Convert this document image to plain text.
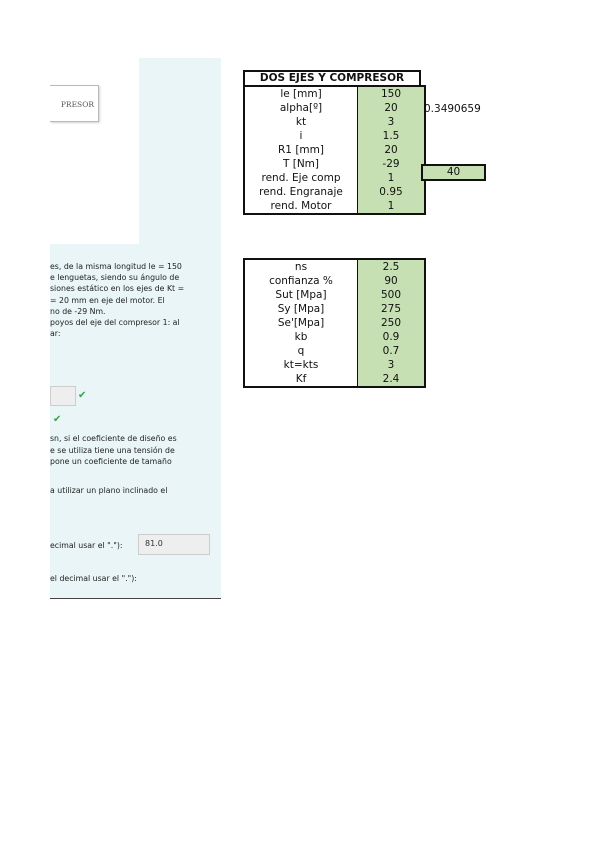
PRESOR
es, de la misma longitud le = 150
e lenguetas, siendo su ángulo de
siones estático en los ejes de Kt =
= 20 mm en eje del motor. El
no de -29 Nm.
poyos del eje del compresor 1: al
ar:
✔
✔
sn, si el coeficiente de diseño es
e se utiliza tiene una tensión de
pone un coeficiente de tamaño
a utilizar un plano inclinado el
ecimal usar el "."):	81.0
el decimal usar el "."):
DOS EJES Y COMPRESOR
le [mm]	150
alpha[º]	20
kt	3
i	1.5
R1 [mm]	20
T [Nm]	-29
rend. Eje comp	1
rend. Engranaje	0.95
rend. Motor	1
0.3490659
40
ns	2.5
confianza %	90
Sut [Mpa]	500
Sy [Mpa]	275
Se'[Mpa]	250
kb	0.9
q	0.7
kt=kts	3
Kf	2.4
